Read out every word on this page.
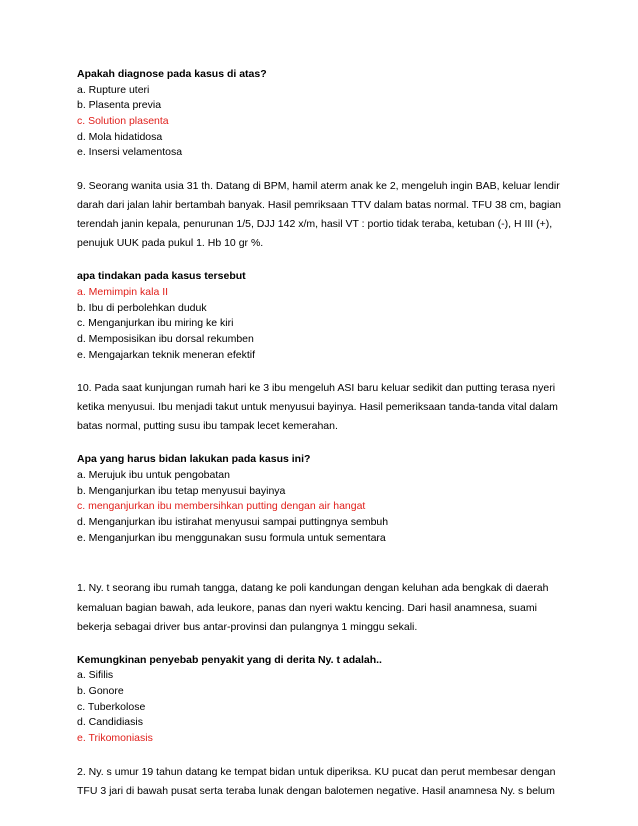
Apakah diagnose pada kasus di atas?
a. Rupture uteri
b. Plasenta previa
c. Solution plasenta
d. Mola hidatidosa
e. Insersi velamentosa
9. Seorang wanita usia 31 th. Datang di BPM, hamil aterm anak ke 2, mengeluh ingin BAB, keluar lendir
darah dari jalan lahir bertambah banyak. Hasil pemriksaan TTV dalam batas normal. TFU 38 cm, bagian
terendah janin kepala, penurunan 1/5, DJJ 142 x/m, hasil VT : portio tidak teraba, ketuban (-), H III (+),
penujuk UUK pada pukul 1. Hb 10 gr %.
apa tindakan pada kasus tersebut
a. Memimpin kala II
b. Ibu di perbolehkan duduk
c. Menganjurkan ibu miring ke kiri
d. Memposisikan ibu dorsal rekumben
e. Mengajarkan teknik meneran efektif
10. Pada saat kunjungan rumah hari ke 3 ibu mengeluh ASI baru keluar sedikit dan putting terasa nyeri
ketika menyusui. Ibu menjadi takut untuk menyusui bayinya. Hasil pemeriksaan tanda-tanda vital dalam
batas normal, putting susu ibu tampak lecet kemerahan.
Apa yang harus bidan lakukan pada kasus ini?
a. Merujuk ibu untuk pengobatan
b. Menganjurkan ibu tetap menyusui bayinya
c. menganjurkan ibu membersihkan putting dengan air hangat
d. Menganjurkan ibu istirahat menyusui sampai puttingnya sembuh
e. Menganjurkan ibu menggunakan susu formula untuk sementara
1. Ny. t seorang ibu rumah tangga, datang ke poli kandungan dengan keluhan ada bengkak di daerah
kemaluan bagian bawah, ada leukore, panas dan nyeri waktu kencing. Dari hasil anamnesa, suami
bekerja sebagai driver bus antar-provinsi dan pulangnya 1 minggu sekali.
Kemungkinan penyebab penyakit yang di derita Ny. t adalah..
a. Sifilis
b. Gonore
c. Tuberkolose
d. Candidiasis
e. Trikomoniasis
2. Ny. s umur 19 tahun datang ke tempat bidan untuk diperiksa. KU pucat dan perut membesar dengan
TFU 3 jari di bawah pusat serta teraba lunak dengan balotemen negative. Hasil anamnesa Ny. s belum
